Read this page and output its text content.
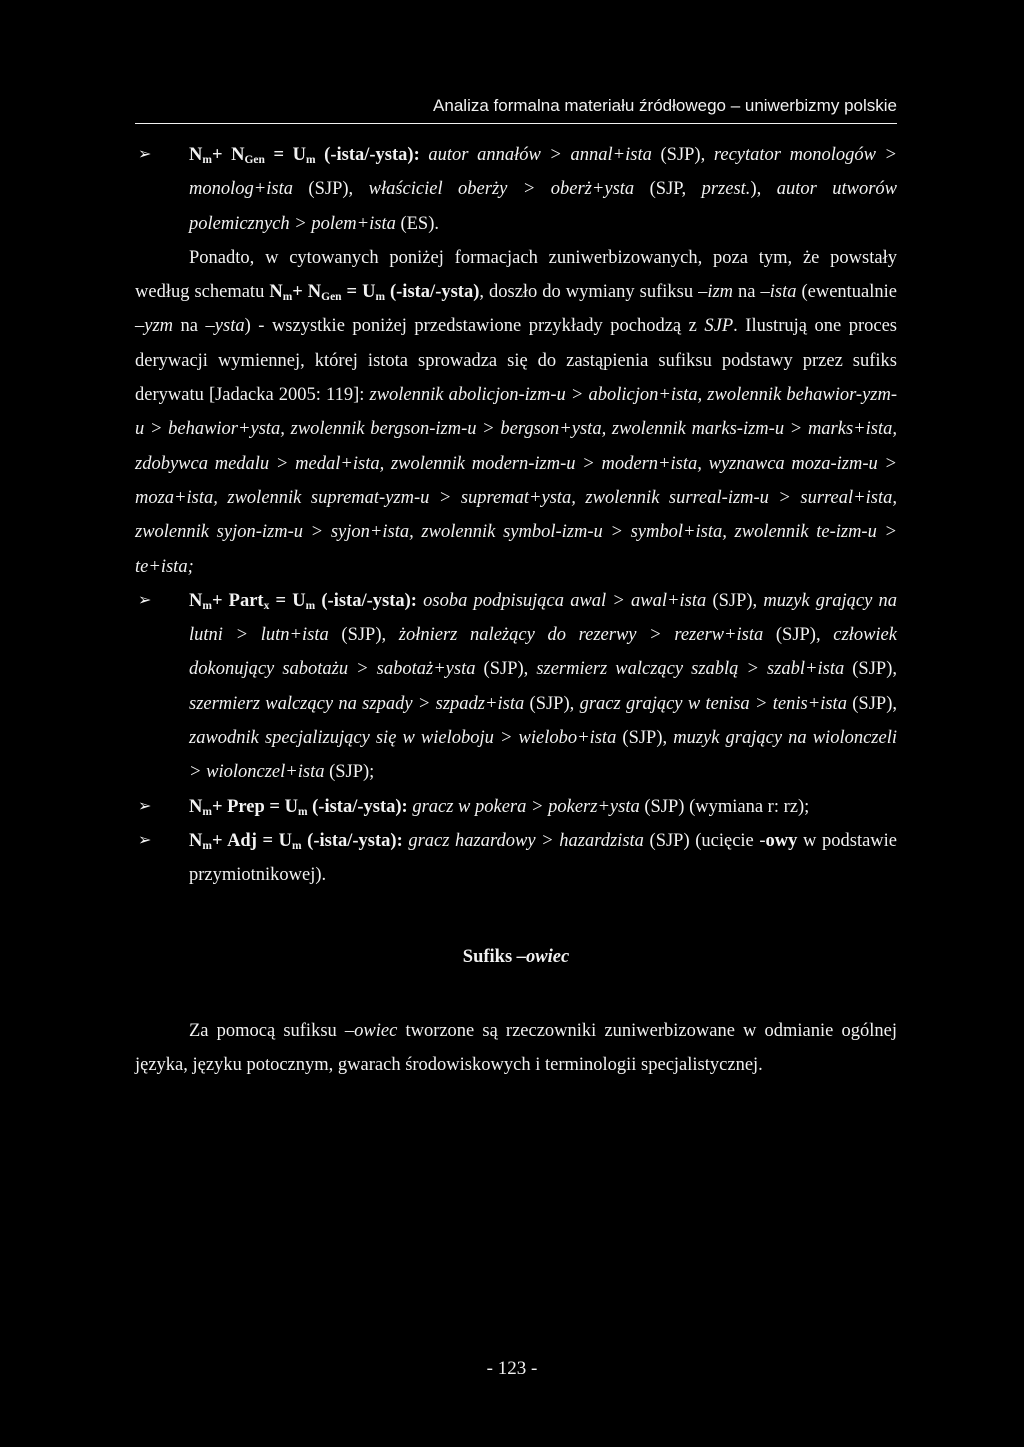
Analiza formalna materiału źródłowego – uniwerbizmy polskie

➢ $N_m+ N_{Gen} = U_m$ (-ista/-ysta): autor annałów > annal+ista (SJP), recytator monologów > monolog+ista (SJP), właściciel oberży > oberż+ysta (SJP, przest.), autor utworów polemicznych > polem+ista (ES).

Ponadto, w cytowanych poniżej formacjach zuniwerbizowanych, poza tym, że powstały według schematu $N_m+ N_{Gen} = U_m$ (-ista/-ysta), doszło do wymiany sufiksu –izm na –ista (ewentualnie –yzm na –ysta) - wszystkie poniżej przedstawione przykłady pochodzą z SJP. Ilustrują one proces derywacji wymiennej, której istota sprowadza się do zastąpienia sufiksu podstawy przez sufiks derywatu [Jadacka 2005: 119]: zwolennik abolicjon-izm-u > abolicjon+ista, zwolennik behawior-yzm-u > behawior+ysta, zwolennik bergson-izm-u > bergson+ysta, zwolennik marks-izm-u > marks+ista, zdobywca medalu > medal+ista, zwolennik modern-izm-u > modern+ista, wyznawca moza-izm-u > moza+ista, zwolennik supremat-yzm-u > supremat+ysta, zwolennik surreal-izm-u > surreal+ista, zwolennik syjon-izm-u > syjon+ista, zwolennik symbol-izm-u > symbol+ista, zwolennik te-izm-u > te+ista;

➢ $N_m+$ Part$_x$ = $U_m$ (-ista/-ysta): osoba podpisująca awal > awal+ista (SJP), muzyk grający na lutni > lutn+ista (SJP), żołnierz należący do rezerwy > rezerw+ista (SJP), człowiek dokonujący sabotażu > sabotaż+ysta (SJP), szermierz walczący szablą > szabl+ista (SJP), szermierz walczący na szpady > szpadz+ista (SJP), gracz grający w tenisa > tenis+ista (SJP), zawodnik specjalizujący się w wieloboju > wielobo+ista (SJP), muzyk grający na wiolonczeli > wiolonczel+ista (SJP);

➢ $N_m+$ Prep = $U_m$ (-ista/-ysta): gracz w pokera > pokerz+ysta (SJP) (wymiana r: rz);

➢ $N_m+$ Adj = $U_m$ (-ista/-ysta): gracz hazardowy > hazardzista (SJP) (ucięcie -owy w podstawie przymiotnikowej).

Sufiks –owiec

Za pomocą sufiksu –owiec tworzone są rzeczowniki zuniwerbizowane w odmianie ogólnej języka, języku potocznym, gwarach środowiskowych i terminologii specjalistycznej.

- 123 -
